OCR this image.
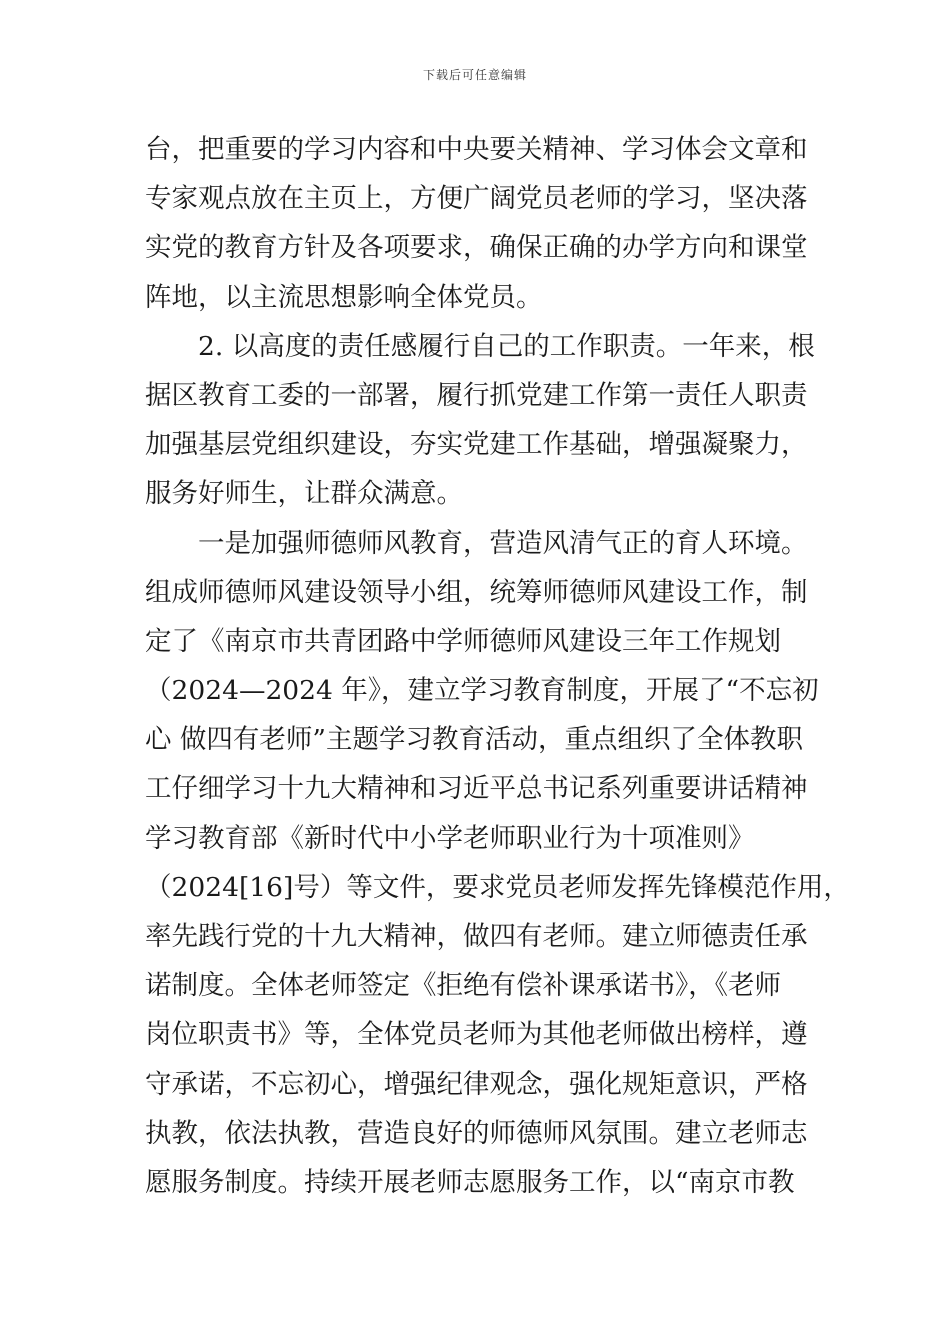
下载后可任意编辑
台，把重要的学习内容和中央要关精神、学习体会文章和
专家观点放在主页上，方便广阔党员老师的学习，坚决落
实党的教育方针及各项要求，确保正确的办学方向和课堂
阵地，以主流思想影响全体党员。
2. 以高度的责任感履行自己的工作职责。一年来，根
据区教育工委的一部署，履行抓党建工作第一责任人职责
加强基层党组织建设，夯实党建工作基础，增强凝聚力，
服务好师生，让群众满意。
一是加强师德师风教育，营造风清气正的育人环境。
组成师德师风建设领导小组，统筹师德师风建设工作，制
定了《南京市共青团路中学师德师风建设三年工作规划
（2024—2024 年》，建立学习教育制度，开展了“不忘初
心 做四有老师”主题学习教育活动，重点组织了全体教职
工仔细学习十九大精神和习近平总书记系列重要讲话精神
学习教育部《新时代中小学老师职业行为十项准则》
（2024[16]号）等文件，要求党员老师发挥先锋模范作用，
率先践行党的十九大精神，做四有老师。建立师德责任承
诺制度。全体老师签定《拒绝有偿补课承诺书》，《老师
岗位职责书》等，全体党员老师为其他老师做出榜样，遵
守承诺，不忘初心，增强纪律观念，强化规矩意识，严格
执教，依法执教，营造良好的师德师风氛围。建立老师志
愿服务制度。持续开展老师志愿服务工作，以“南京市教
